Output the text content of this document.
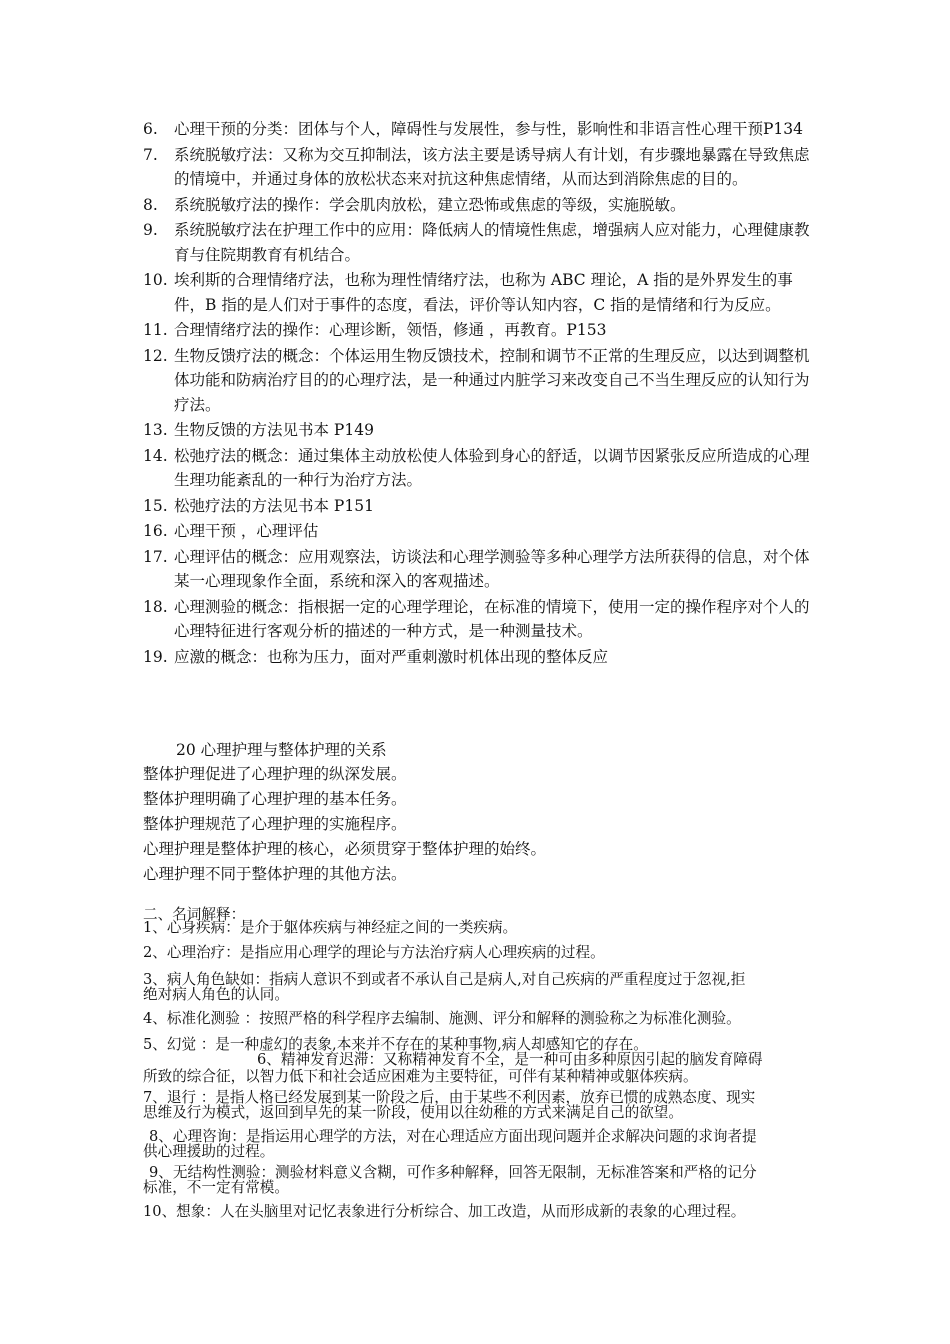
6. 心理干预的分类：团体与个人，障碍性与发展性，参与性，影响性和非语言性心理干预P134
7. 系统脱敏疗法：又称为交互抑制法，该方法主要是诱导病人有计划，有步骤地暴露在导致焦虑的情境中，并通过身体的放松状态来对抗这种焦虑情绪，从而达到消除焦虑的目的。
8. 系统脱敏疗法的操作：学会肌肉放松，建立恐怖或焦虑的等级，实施脱敏。
9. 系统脱敏疗法在护理工作中的应用：降低病人的情境性焦虑，增强病人应对能力，心理健康教育与住院期教育有机结合。
10. 埃利斯的合理情绪疗法，也称为理性情绪疗法，也称为 ABC 理论，A 指的是外界发生的事件，B 指的是人们对于事件的态度，看法，评价等认知内容，C 指的是情绪和行为反应。
11. 合理情绪疗法的操作：心理诊断，领悟，修通 ，再教育。P153
12. 生物反馈疗法的概念：个体运用生物反馈技术，控制和调节不正常的生理反应，以达到调整机体功能和防病治疗目的的心理疗法，是一种通过内脏学习来改变自己不当生理反应的认知行为疗法。
13. 生物反馈的方法见书本 P149
14. 松弛疗法的概念：通过集体主动放松使人体验到身心的舒适，以调节因紧张反应所造成的心理生理功能紊乱的一种行为治疗方法。
15. 松弛疗法的方法见书本 P151
16. 心理干预 ，心理评估
17. 心理评估的概念：应用观察法，访谈法和心理学测验等多种心理学方法所获得的信息，对个体某一心理现象作全面，系统和深入的客观描述。
18. 心理测验的概念：指根据一定的心理学理论，在标准的情境下，使用一定的操作程序对个人的心理特征进行客观分析的描述的一种方式，是一种测量技术。
19. 应激的概念：也称为压力，面对严重刺激时机体出现的整体反应
20 心理护理与整体护理的关系
整体护理促进了心理护理的纵深发展。
整体护理明确了心理护理的基本任务。
整体护理规范了心理护理的实施程序。
心理护理是整体护理的核心，必须贯穿于整体护理的始终。
心理护理不同于整体护理的其他方法。
二、名词解释：
1、心身疾病：是介于躯体疾病与神经症之间的一类疾病。
2、心理治疗：是指应用心理学的理论与方法治疗病人心理疾病的过程。
3、病人角色缺如：指病人意识不到或者不承认自己是病人,对自己疾病的严重程度过于忽视,拒
绝对病人角色的认同。
4、标准化测验 ：按照严格的科学程序去编制、施测、评分和解释的测验称之为标准化测验。
5、幻觉 ：是一种虚幻的表象,本来并不存在的某种事物,病人却感知它的存在。
6、精神发育迟滞：又称精神发育不全，是一种可由多种原因引起的脑发育障碍
所致的综合征，以智力低下和社会适应困难为主要特征，可伴有某种精神或躯体疾病。
7、退行 ：是指人格已经发展到某一阶段之后，由于某些不利因素，放弃已惯的成熟态度、现实
思维及行为模式，返回到早先的某一阶段，使用以往幼稚的方式来满足自己的欲望。
8、心理咨询：是指运用心理学的方法，对在心理适应方面出现问题并企求解决问题的求询者提
供心理援助的过程。
9、无结构性测验：测验材料意义含糊，可作多种解释，回答无限制，无标准答案和严格的记分
标准，不一定有常模。
10、想象：人在头脑里对记忆表象进行分析综合、加工改造，从而形成新的表象的心理过程。
